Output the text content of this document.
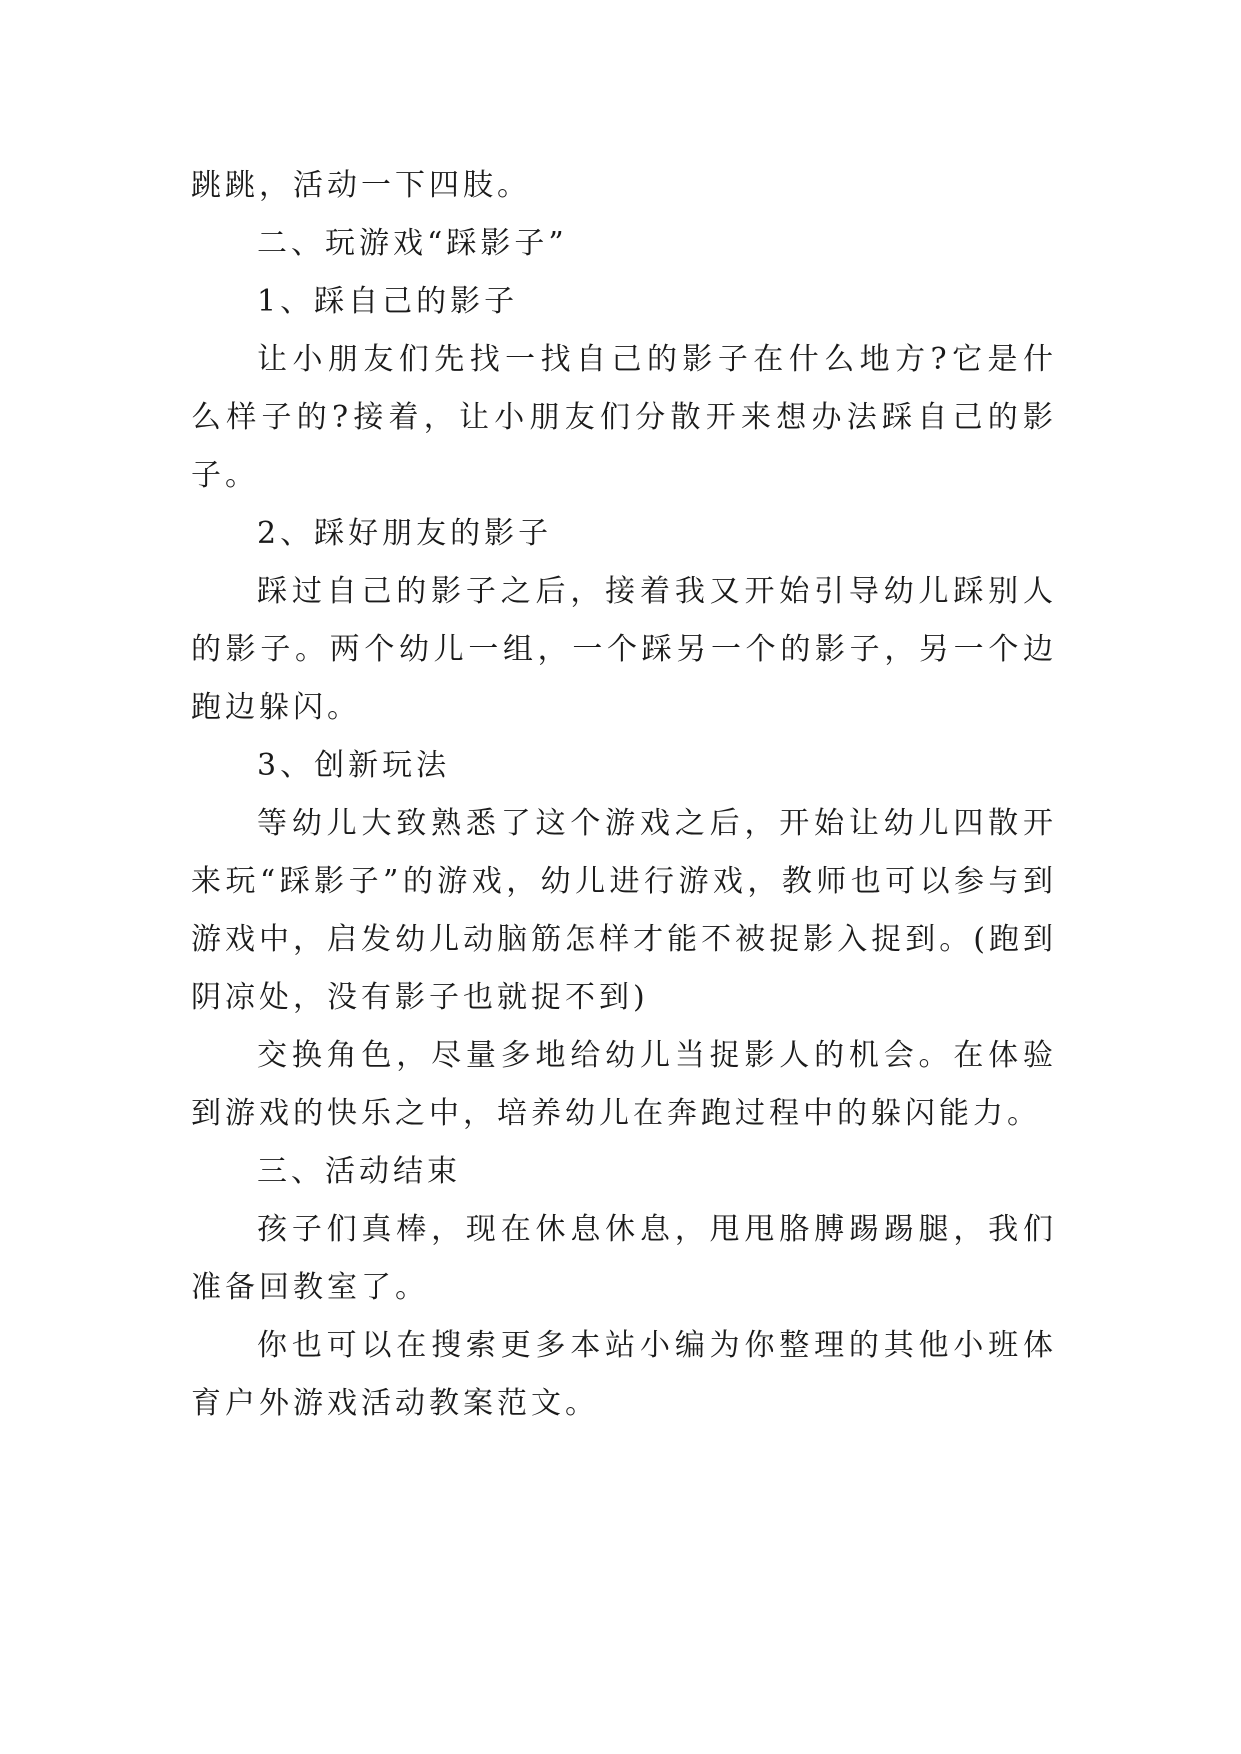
跳跳，活动一下四肢。

二、玩游戏“踩影子”

1、踩自己的影子

让小朋友们先找一找自己的影子在什么地方?它是什么样子的?接着，让小朋友们分散开来想办法踩自己的影子。

2、踩好朋友的影子

踩过自己的影子之后，接着我又开始引导幼儿踩别人的影子。两个幼儿一组，一个踩另一个的影子，另一个边跑边躲闪。

3、创新玩法

等幼儿大致熟悉了这个游戏之后，开始让幼儿四散开来玩“踩影子”的游戏，幼儿进行游戏，教师也可以参与到游戏中，启发幼儿动脑筋怎样才能不被捉影入捉到。(跑到阴凉处，没有影子也就捉不到)

交换角色，尽量多地给幼儿当捉影人的机会。在体验到游戏的快乐之中，培养幼儿在奔跑过程中的躲闪能力。

三、活动结束

孩子们真棒，现在休息休息，甩甩胳膊踢踢腿，我们准备回教室了。

你也可以在搜索更多本站小编为你整理的其他小班体育户外游戏活动教案范文。
